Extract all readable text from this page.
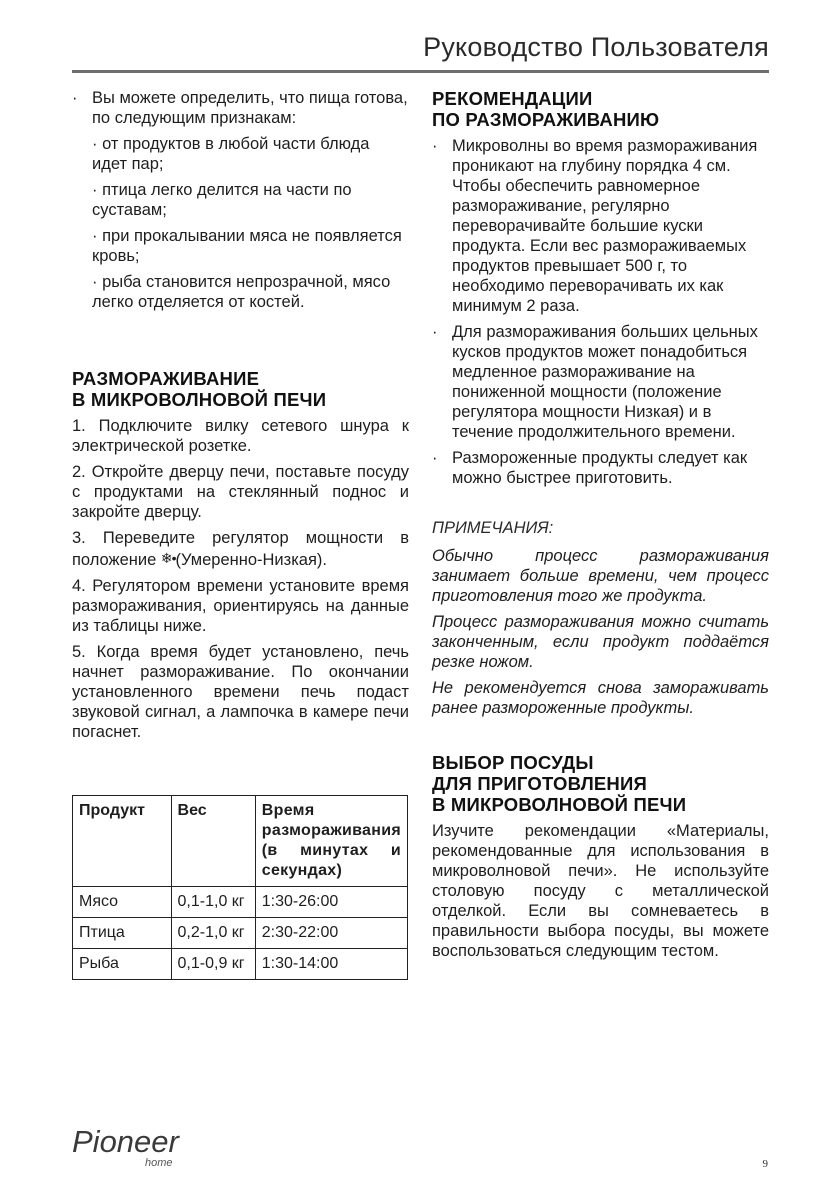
Руководство Пользователя
· Вы можете определить, что пища готова, по следующим признакам:
· от продуктов в любой части блюда идет пар;
· птица легко делится на части по суставам;
· при прокалывании мяса не появляется кровь;
· рыба становится непрозрачной, мясо легко отделяется от костей.
РАЗМОРАЖИВАНИЕ
В МИКРОВОЛНОВОЙ ПЕЧИ

1. Подключите вилку сетевого шнура к электрической розетке.

2. Откройте дверцу печи, поставьте посуду с продуктами на стеклянный поднос и закройте дверцу.

3. Переведите регулятор мощности в положение ❄•(Умеренно-Низкая).

4. Регулятором времени установите время размораживания, ориентируясь на данные из таблицы ниже.

5. Когда время будет установлено, печь начнет размораживание. По окончании установленного времени печь подаст звуковой сигнал, а лампочка в камере печи погаснет.

Продукт	Вес	Время размораживания (в минутах и секундах)
Мясо	0,1-1,0 кг	1:30-26:00
Птица	0,2-1,0 кг	2:30-22:00
Рыба	0,1-0,9 кг	1:30-14:00
РЕКОМЕНДАЦИИ
ПО РАЗМОРАЖИВАНИЮ
· Микроволны во время размораживания проникают на глубину порядка 4 см. Чтобы обеспечить равномерное размораживание, регулярно переворачивайте большие куски продукта. Если вес размораживаемых продуктов превышает 500 г, то необходимо переворачивать их как минимум 2 раза.
· Для размораживания больших цельных кусков продуктов может понадобиться медленное размораживание на пониженной мощности (положение регулятора мощности Низкая) и в течение продолжительного времени.
· Размороженные продукты следует как можно быстрее приготовить.
ПРИМЕЧАНИЯ:

Обычно процесс размораживания занимает больше времени, чем процесс приготовления того же продукта.

Процесс размораживания можно считать законченным, если продукт поддаётся резке ножом.

Не рекомендуется снова замораживать ранее размороженные продукты.

ВЫБОР ПОСУДЫ
ДЛЯ ПРИГОТОВЛЕНИЯ
В МИКРОВОЛНОВОЙ ПЕЧИ

Изучите рекомендации «Материалы, рекомендованные для использования в микроволновой печи». Не используйте столовую посуду с металлической отделкой. Если вы сомневаетесь в правильности выбора посуды, вы можете воспользоваться следующим тестом.

Pioneer
home	9
